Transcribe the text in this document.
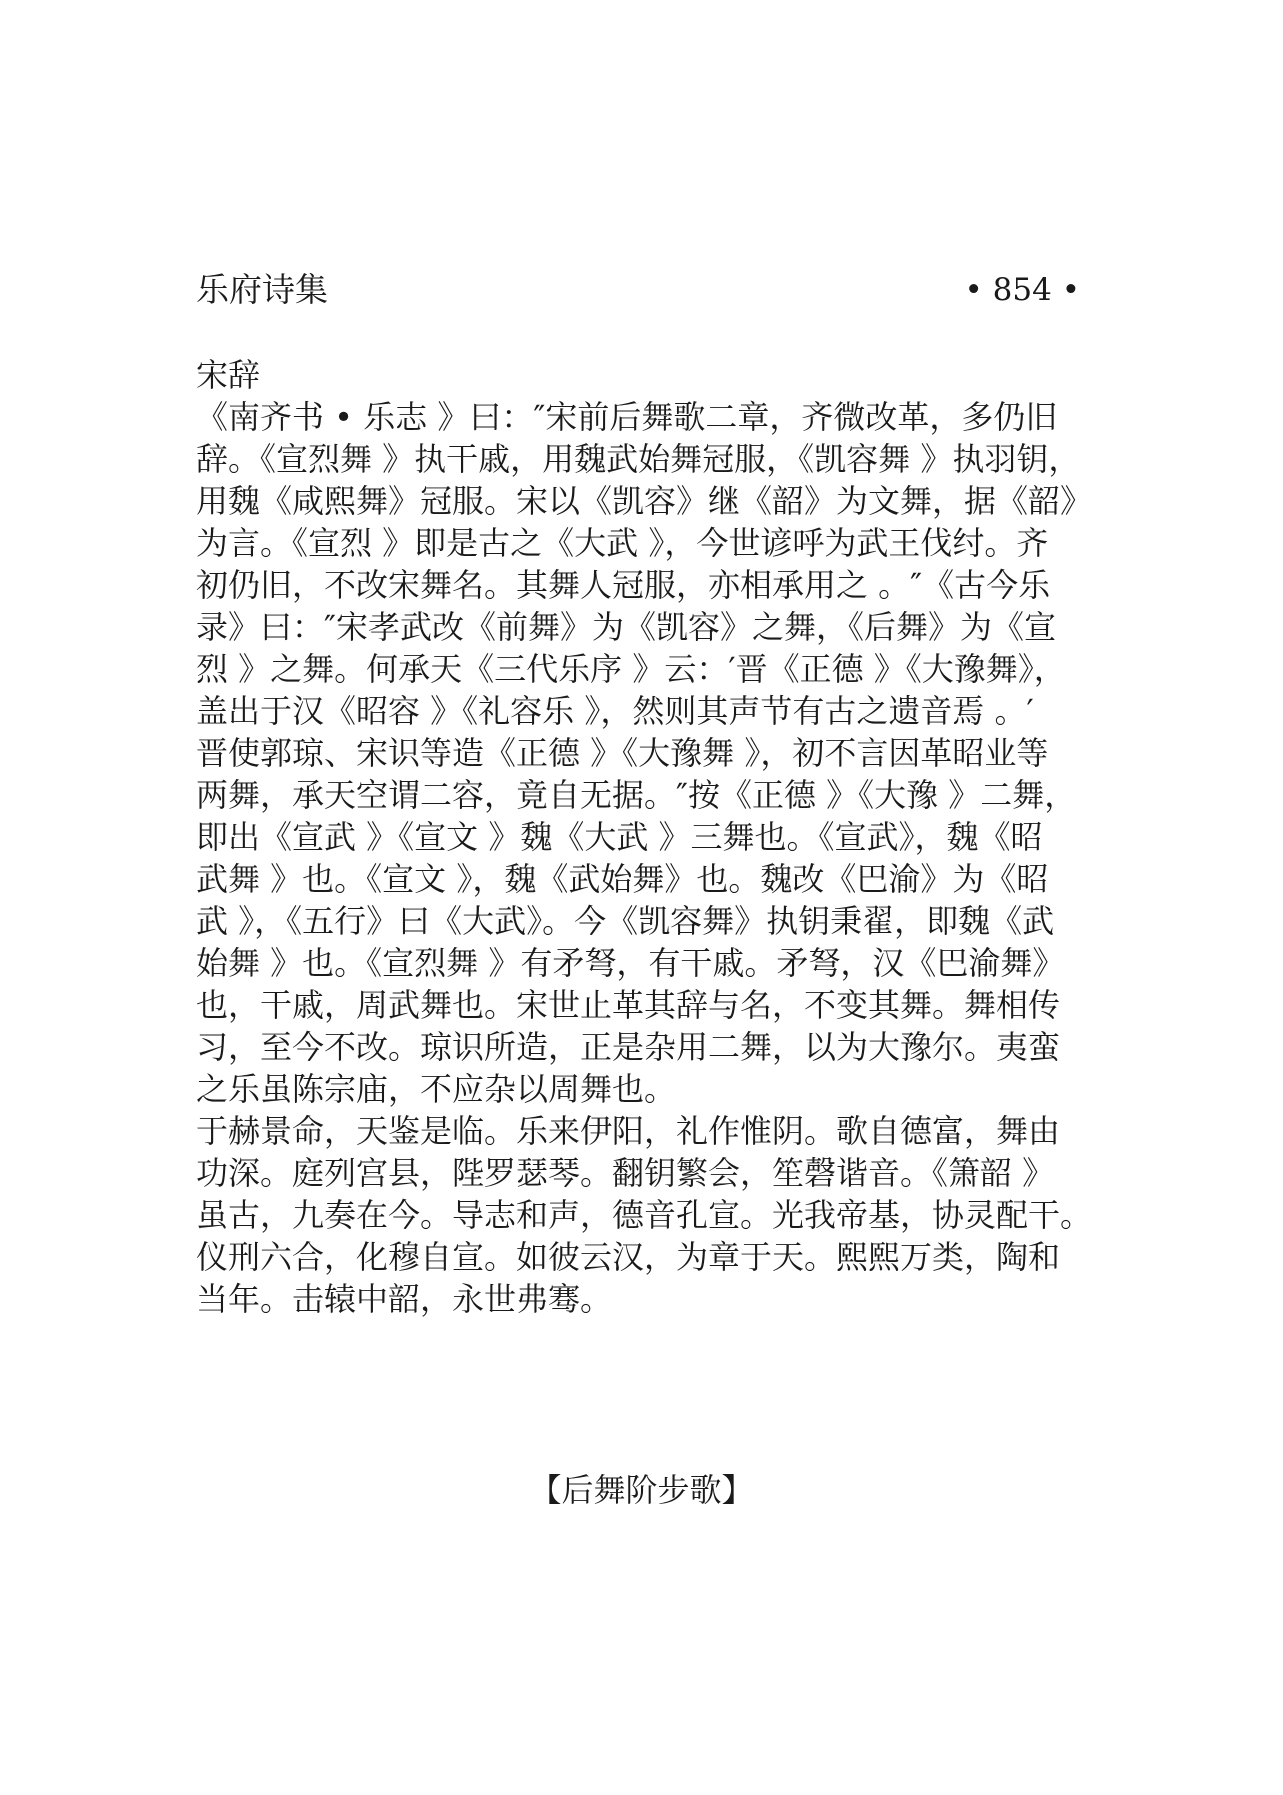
乐府诗集	• 854 •
宋辞
《南齐书 • 乐志 》曰：″宋前后舞歌二章，齐微改革，多仍旧
辞。《宣烈舞 》执干戚，用魏武始舞冠服，《凯容舞 》执羽钥，
用魏《咸熙舞》冠服。宋以《凯容》继《韶》为文舞，据《韶》
为言。《宣烈 》即是古之《大武 》，今世谚呼为武王伐纣。齐
初仍旧，不改宋舞名。其舞人冠服，亦相承用之 。″《古今乐
录》曰：″宋孝武改《前舞》为《凯容》之舞，《后舞》为《宣
烈 》之舞。何承天《三代乐序 》云：′晋《正德 》《大豫舞》，
盖出于汉《昭容 》《礼容乐 》，然则其声节有古之遗音焉 。′
晋使郭琼、宋识等造《正德 》《大豫舞 》，初不言因革昭业等
两舞，承天空谓二容，竟自无据。″按《正德 》《大豫 》二舞，
即出《宣武 》《宣文 》魏《大武 》三舞也。《宣武》，魏《昭
武舞 》也。《宣文 》，魏《武始舞》也。魏改《巴渝》为《昭
武 》，《五行》曰《大武》。今《凯容舞》执钥秉翟，即魏《武
始舞 》也。《宣烈舞 》有矛弩，有干戚。矛弩，汉《巴渝舞》
也，干戚，周武舞也。宋世止革其辞与名，不变其舞。舞相传
习，至今不改。琼识所造，正是杂用二舞，以为大豫尔。夷蛮
之乐虽陈宗庙，不应杂以周舞也。
于赫景命，天鉴是临。乐来伊阳，礼作惟阴。歌自德富，舞由
功深。庭列宫县，陛罗瑟琴。翻钥繁会，笙磬谐音。《箫韶 》
虽古，九奏在今。导志和声，德音孔宣。光我帝基，协灵配干。
仪刑六合，化穆自宣。如彼云汉，为章于天。熙熙万类，陶和
当年。击辕中韶，永世弗骞。
【后舞阶步歌】
